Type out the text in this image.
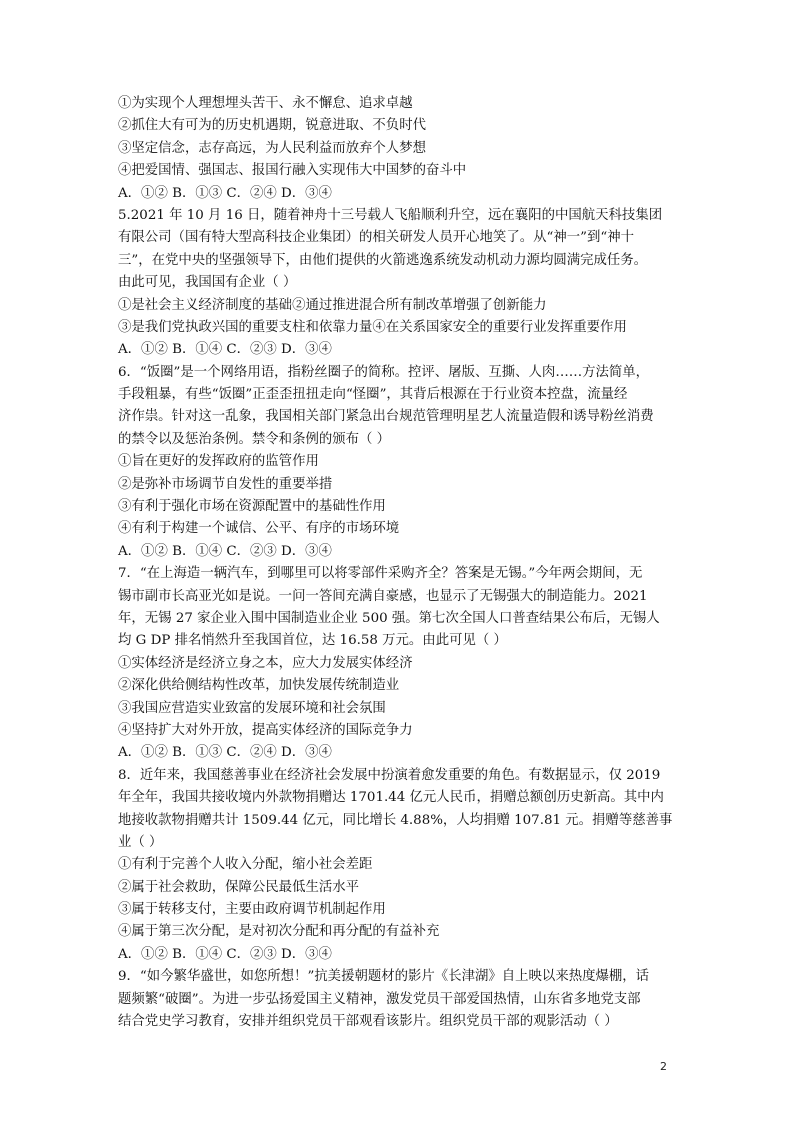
①为实现个人理想埋头苦干、永不懈怠、追求卓越
②抓住大有可为的历史机遇期，锐意进取、不负时代
③坚定信念，志存高远，为人民利益而放弃个人梦想
④把爱国情、强国志、报国行融入实现伟大中国梦的奋斗中
A．①② B．①③ C．②④ D．③④
5.2021 年 10 月 16 日，随着神舟十三号载人飞船顺利升空，远在襄阳的中国航天科技集团
有限公司（国有特大型高科技企业集团）的相关研发人员开心地笑了。从“神一”到“神十
三”，在党中央的坚强领导下，由他们提供的火箭逃逸系统发动机动力源均圆满完成任务。
由此可见，我国国有企业（ ）
①是社会主义经济制度的基础②通过推进混合所有制改革增强了创新能力
③是我们党执政兴国的重要支柱和依靠力量④在关系国家安全的重要行业发挥重要作用
A．①② B．①④ C．②③ D．③④
6．“饭圈”是一个网络用语，指粉丝圈子的简称。控评、屠版、互撕、人肉……方法简单，
手段粗暴，有些“饭圈”正歪歪扭扭走向“怪圈”，其背后根源在于行业资本控盘，流量经
济作祟。针对这一乱象，我国相关部门紧急出台规范管理明星艺人流量造假和诱导粉丝消费
的禁令以及惩治条例。禁令和条例的颁布（ ）
①旨在更好的发挥政府的监管作用
②是弥补市场调节自发性的重要举措
③有利于强化市场在资源配置中的基础性作用
④有利于构建一个诚信、公平、有序的市场环境
A．①② B．①④ C．②③ D．③④
7．“在上海造一辆汽车，到哪里可以将零部件采购齐全？答案是无锡。”今年两会期间，无
锡市副市长高亚光如是说。一问一答间充满自豪感，也显示了无锡强大的制造能力。2021
年，无锡 27 家企业入围中国制造业企业 500 强。第七次全国人口普查结果公布后，无锡人
均 G DP 排名悄然升至我国首位，达 16.58 万元。由此可见（ ）
①实体经济是经济立身之本，应大力发展实体经济
②深化供给侧结构性改革，加快发展传统制造业
③我国应营造实业致富的发展环境和社会氛围
④坚持扩大对外开放，提高实体经济的国际竞争力
A．①② B．①③ C．②④ D．③④
8．近年来，我国慈善事业在经济社会发展中扮演着愈发重要的角色。有数据显示，仅 2019
年全年，我国共接收境内外款物捐赠达 1701.44 亿元人民币，捐赠总额创历史新高。其中内
地接收款物捐赠共计 1509.44 亿元，同比增长 4.88%，人均捐赠 107.81 元。捐赠等慈善事
业（ ）
①有利于完善个人收入分配，缩小社会差距
②属于社会救助，保障公民最低生活水平
③属于转移支付，主要由政府调节机制起作用
④属于第三次分配，是对初次分配和再分配的有益补充
A．①② B．①④ C．②③ D．③④
9．“如今繁华盛世，如您所想！”抗美援朝题材的影片《长津湖》自上映以来热度爆棚，话
题频繁“破圈”。为进一步弘扬爱国主义精神，激发党员干部爱国热情，山东省多地党支部
结合党史学习教育，安排并组织党员干部观看该影片。组织党员干部的观影活动（ ）
2
